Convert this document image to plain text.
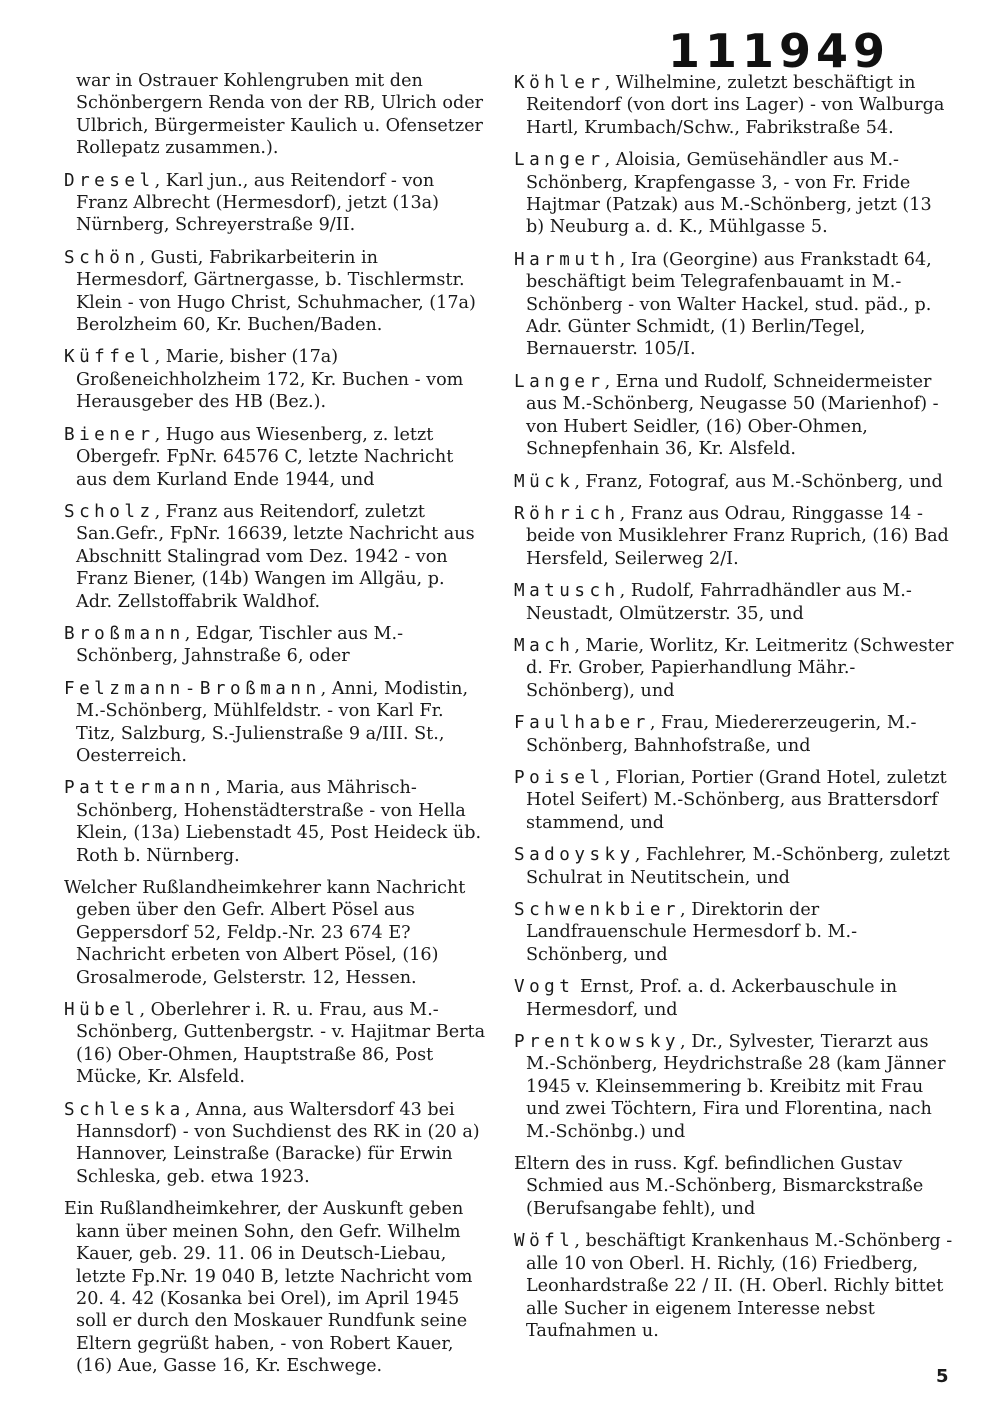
111949

war in Ostrauer Kohlengruben mit den Schönbergern Renda von der RB, Ulrich oder Ulbrich, Bürgermeister Kaulich u. Ofensetzer Rollepatz zusammen.).

Dresel, Karl jun., aus Reitendorf - von Franz Albrecht (Hermesdorf), jetzt (13a) Nürnberg, Schreyerstraße 9/II.

Schön, Gusti, Fabrikarbeiterin in Hermesdorf, Gärtnergasse, b. Tischlermstr. Klein - von Hugo Christ, Schuhmacher, (17a) Berolzheim 60, Kr. Buchen/Baden.

Küffel, Marie, bisher (17a) Großeneichholzheim 172, Kr. Buchen - vom Herausgeber des HB (Bez.).

Biener, Hugo aus Wiesenberg, z. letzt Obergefr. FpNr. 64576 C, letzte Nachricht aus dem Kurland Ende 1944, und

Scholz, Franz aus Reitendorf, zuletzt San.Gefr., FpNr. 16639, letzte Nachricht aus Abschnitt Stalingrad vom Dez. 1942 - von Franz Biener, (14b) Wangen im Allgäu, p. Adr. Zellstoffabrik Waldhof.

Broßmann, Edgar, Tischler aus M.-Schönberg, Jahnstraße 6, oder

Felzmann-Broßmann, Anni, Modistin, M.-Schönberg, Mühlfeldstr. - von Karl Fr. Titz, Salzburg, S.-Julienstraße 9 a/III. St., Oesterreich.

Pattermann, Maria, aus Mährisch-Schönberg, Hohenstädterstraße - von Hella Klein, (13a) Liebenstadt 45, Post Heideck üb. Roth b. Nürnberg.

Welcher Rußlandheimkehrer kann Nachricht geben über den Gefr. Albert Pösel aus Geppersdorf 52, Feldp.-Nr. 23 674 E? Nachricht erbeten von Albert Pösel, (16) Grosalmerode, Gelsterstr. 12, Hessen.

Hübel, Oberlehrer i. R. u. Frau, aus M.-Schönberg, Guttenbergstr. - v. Hajitmar Berta (16) Ober-Ohmen, Hauptstraße 86, Post Mücke, Kr. Alsfeld.

Schleska, Anna, aus Waltersdorf 43 bei Hannsdorf) - von Suchdienst des RK in (20 a) Hannover, Leinstraße (Baracke) für Erwin Schleska, geb. etwa 1923.

Ein Rußlandheimkehrer, der Auskunft geben kann über meinen Sohn, den Gefr. Wilhelm Kauer, geb. 29. 11. 06 in Deutsch-Liebau, letzte Fp.Nr. 19 040 B, letzte Nachricht vom 20. 4. 42 (Kosanka bei Orel), im April 1945 soll er durch den Moskauer Rundfunk seine Eltern gegrüßt haben, - von Robert Kauer, (16) Aue, Gasse 16, Kr. Eschwege.

Köhler, Wilhelmine, zuletzt beschäftigt in Reitendorf (von dort ins Lager) - von Walburga Hartl, Krumbach/Schw., Fabrikstraße 54.

Langer, Aloisia, Gemüsehändler aus M.-Schönberg, Krapfengasse 3, - von Fr. Fride Hajtmar (Patzak) aus M.-Schönberg, jetzt (13 b) Neuburg a. d. K., Mühlgasse 5.

Harmuth, Ira (Georgine) aus Frankstadt 64, beschäftigt beim Telegrafenbauamt in M.-Schönberg - von Walter Hackel, stud. päd., p. Adr. Günter Schmidt, (1) Berlin/Tegel, Bernauerstr. 105/I.

Langer, Erna und Rudolf, Schneidermeister aus M.-Schönberg, Neugasse 50 (Marienhof) - von Hubert Seidler, (16) Ober-Ohmen, Schnepfenhain 36, Kr. Alsfeld.

Mück, Franz, Fotograf, aus M.-Schönberg, und

Röhrich, Franz aus Odrau, Ringgasse 14 - beide von Musiklehrer Franz Ruprich, (16) Bad Hersfeld, Seilerweg 2/I.

Matusch, Rudolf, Fahrradhändler aus M.-Neustadt, Olmützerstr. 35, und

Mach, Marie, Worlitz, Kr. Leitmeritz (Schwester d. Fr. Grober, Papierhandlung Mähr.-Schönberg), und

Faulhaber, Frau, Miedererzeugerin, M.-Schönberg, Bahnhofstraße, und

Poisel, Florian, Portier (Grand Hotel, zuletzt Hotel Seifert) M.-Schönberg, aus Brattersdorf stammend, und

Sadoysky, Fachlehrer, M.-Schönberg, zuletzt Schulrat in Neutitschein, und

Schwenkbier, Direktorin der Landfrauenschule Hermesdorf b. M.-Schönberg, und

Vogt Ernst, Prof. a. d. Ackerbauschule in Hermesdorf, und

Prentkowsky, Dr., Sylvester, Tierarzt aus M.-Schönberg, Heydrichstraße 28 (kam Jänner 1945 v. Kleinsemmering b. Kreibitz mit Frau und zwei Töchtern, Fira und Florentina, nach M.-Schönbg.) und

Eltern des in russ. Kgf. befindlichen Gustav Schmied aus M.-Schönberg, Bismarckstraße (Berufsangabe fehlt), und

Wöfl, beschäftigt Krankenhaus M.-Schönberg - alle 10 von Oberl. H. Richly, (16) Friedberg, Leonhardstraße 22 / II. (H. Oberl. Richly bittet alle Sucher in eigenem Interesse nebst Taufnahmen u.

5
